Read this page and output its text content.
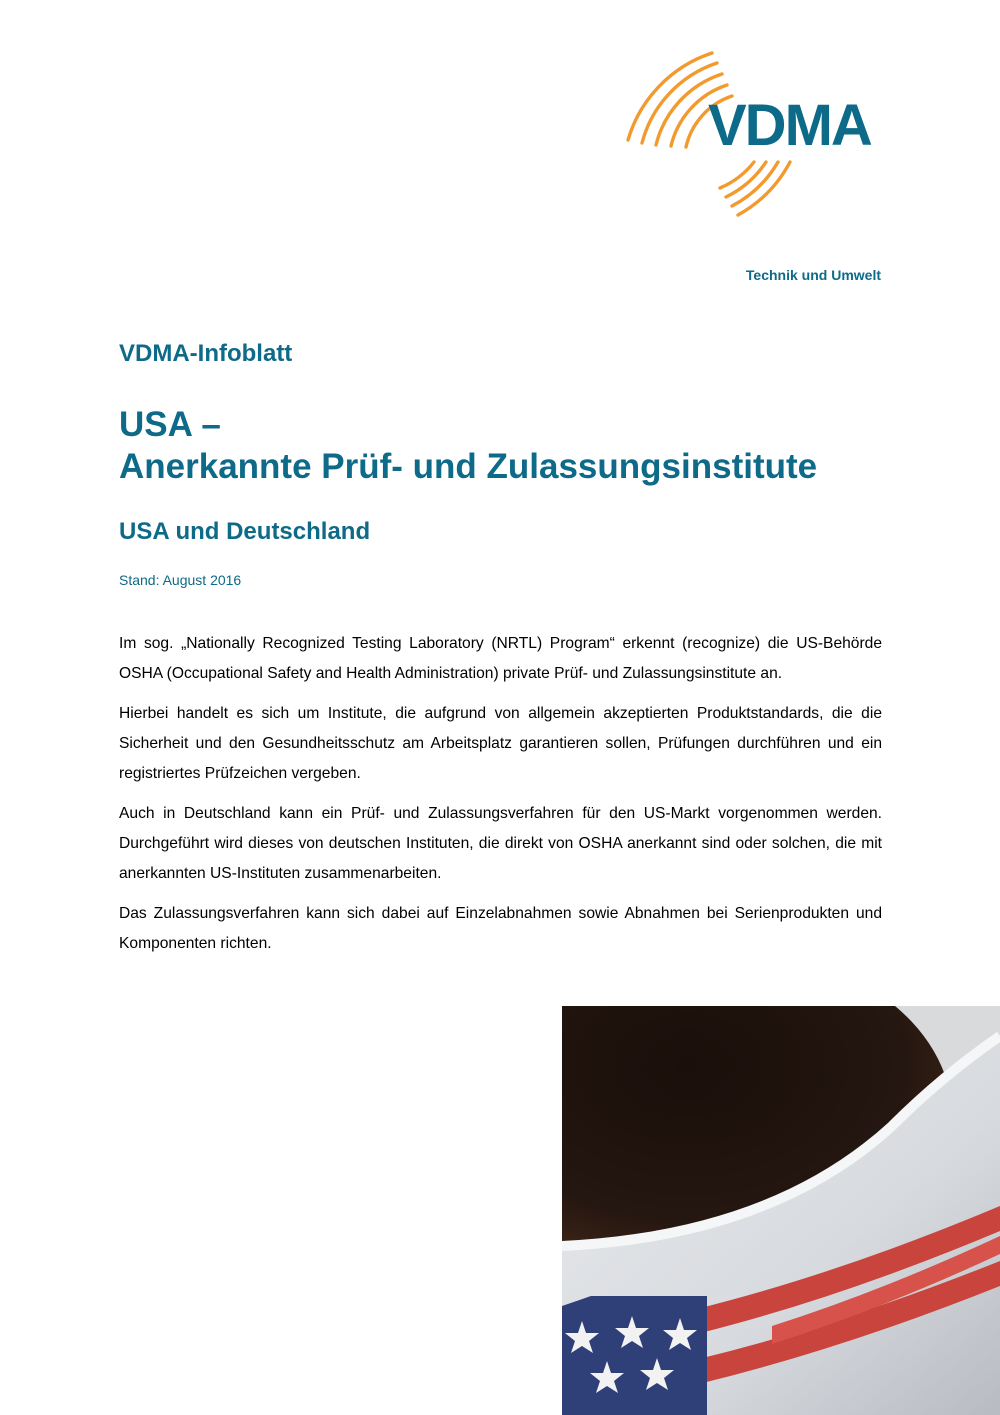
VDMA
Technik und Umwelt
VDMA-Infoblatt
USA –
Anerkannte Prüf- und Zulassungsinstitute
USA und Deutschland
Stand: August 2016

Im sog. „Nationally Recognized Testing Laboratory (NRTL) Program“ erkennt (recognize) die US-Behörde OSHA (Occupational Safety and Health Administration) private Prüf- und Zulassungsinstitute an.

Hierbei handelt es sich um Institute, die aufgrund von allgemein akzeptierten Produktstandards, die die Sicherheit und den Gesundheitsschutz am Arbeitsplatz garantieren sollen, Prüfungen durchführen und ein registriertes Prüfzeichen vergeben.

Auch in Deutschland kann ein Prüf- und Zulassungsverfahren für den US-Markt vorgenommen werden. Durchgeführt wird dieses von deutschen Instituten, die direkt von OSHA anerkannt sind oder solchen, die mit anerkannten US-Instituten zusammenarbeiten.

Das Zulassungsverfahren kann sich dabei auf Einzelabnahmen sowie Abnahmen bei Serienprodukten und Komponenten richten.
